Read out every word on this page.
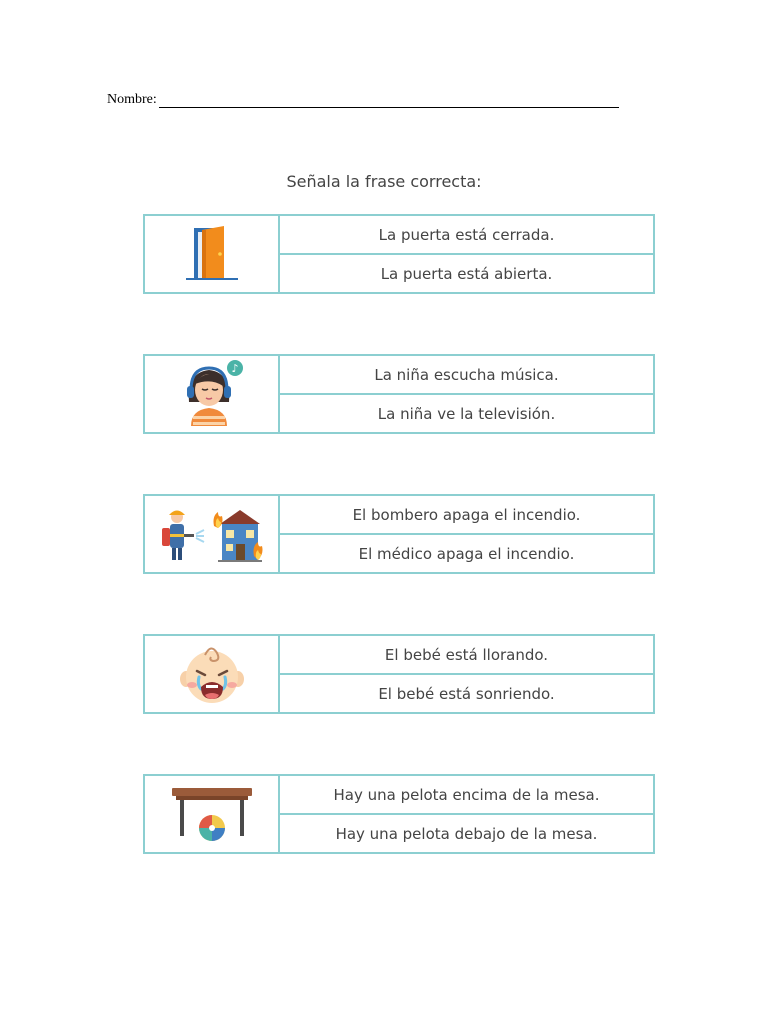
Nombre:
Señala la frase correcta:
La puerta está cerrada.
La puerta está abierta.
♪	La niña escucha música.
La niña ve la televisión.
El bombero apaga el incendio.
El médico apaga el incendio.
El bebé está llorando.
El bebé está sonriendo.
Hay una pelota encima de la mesa.
Hay una pelota debajo de la mesa.
